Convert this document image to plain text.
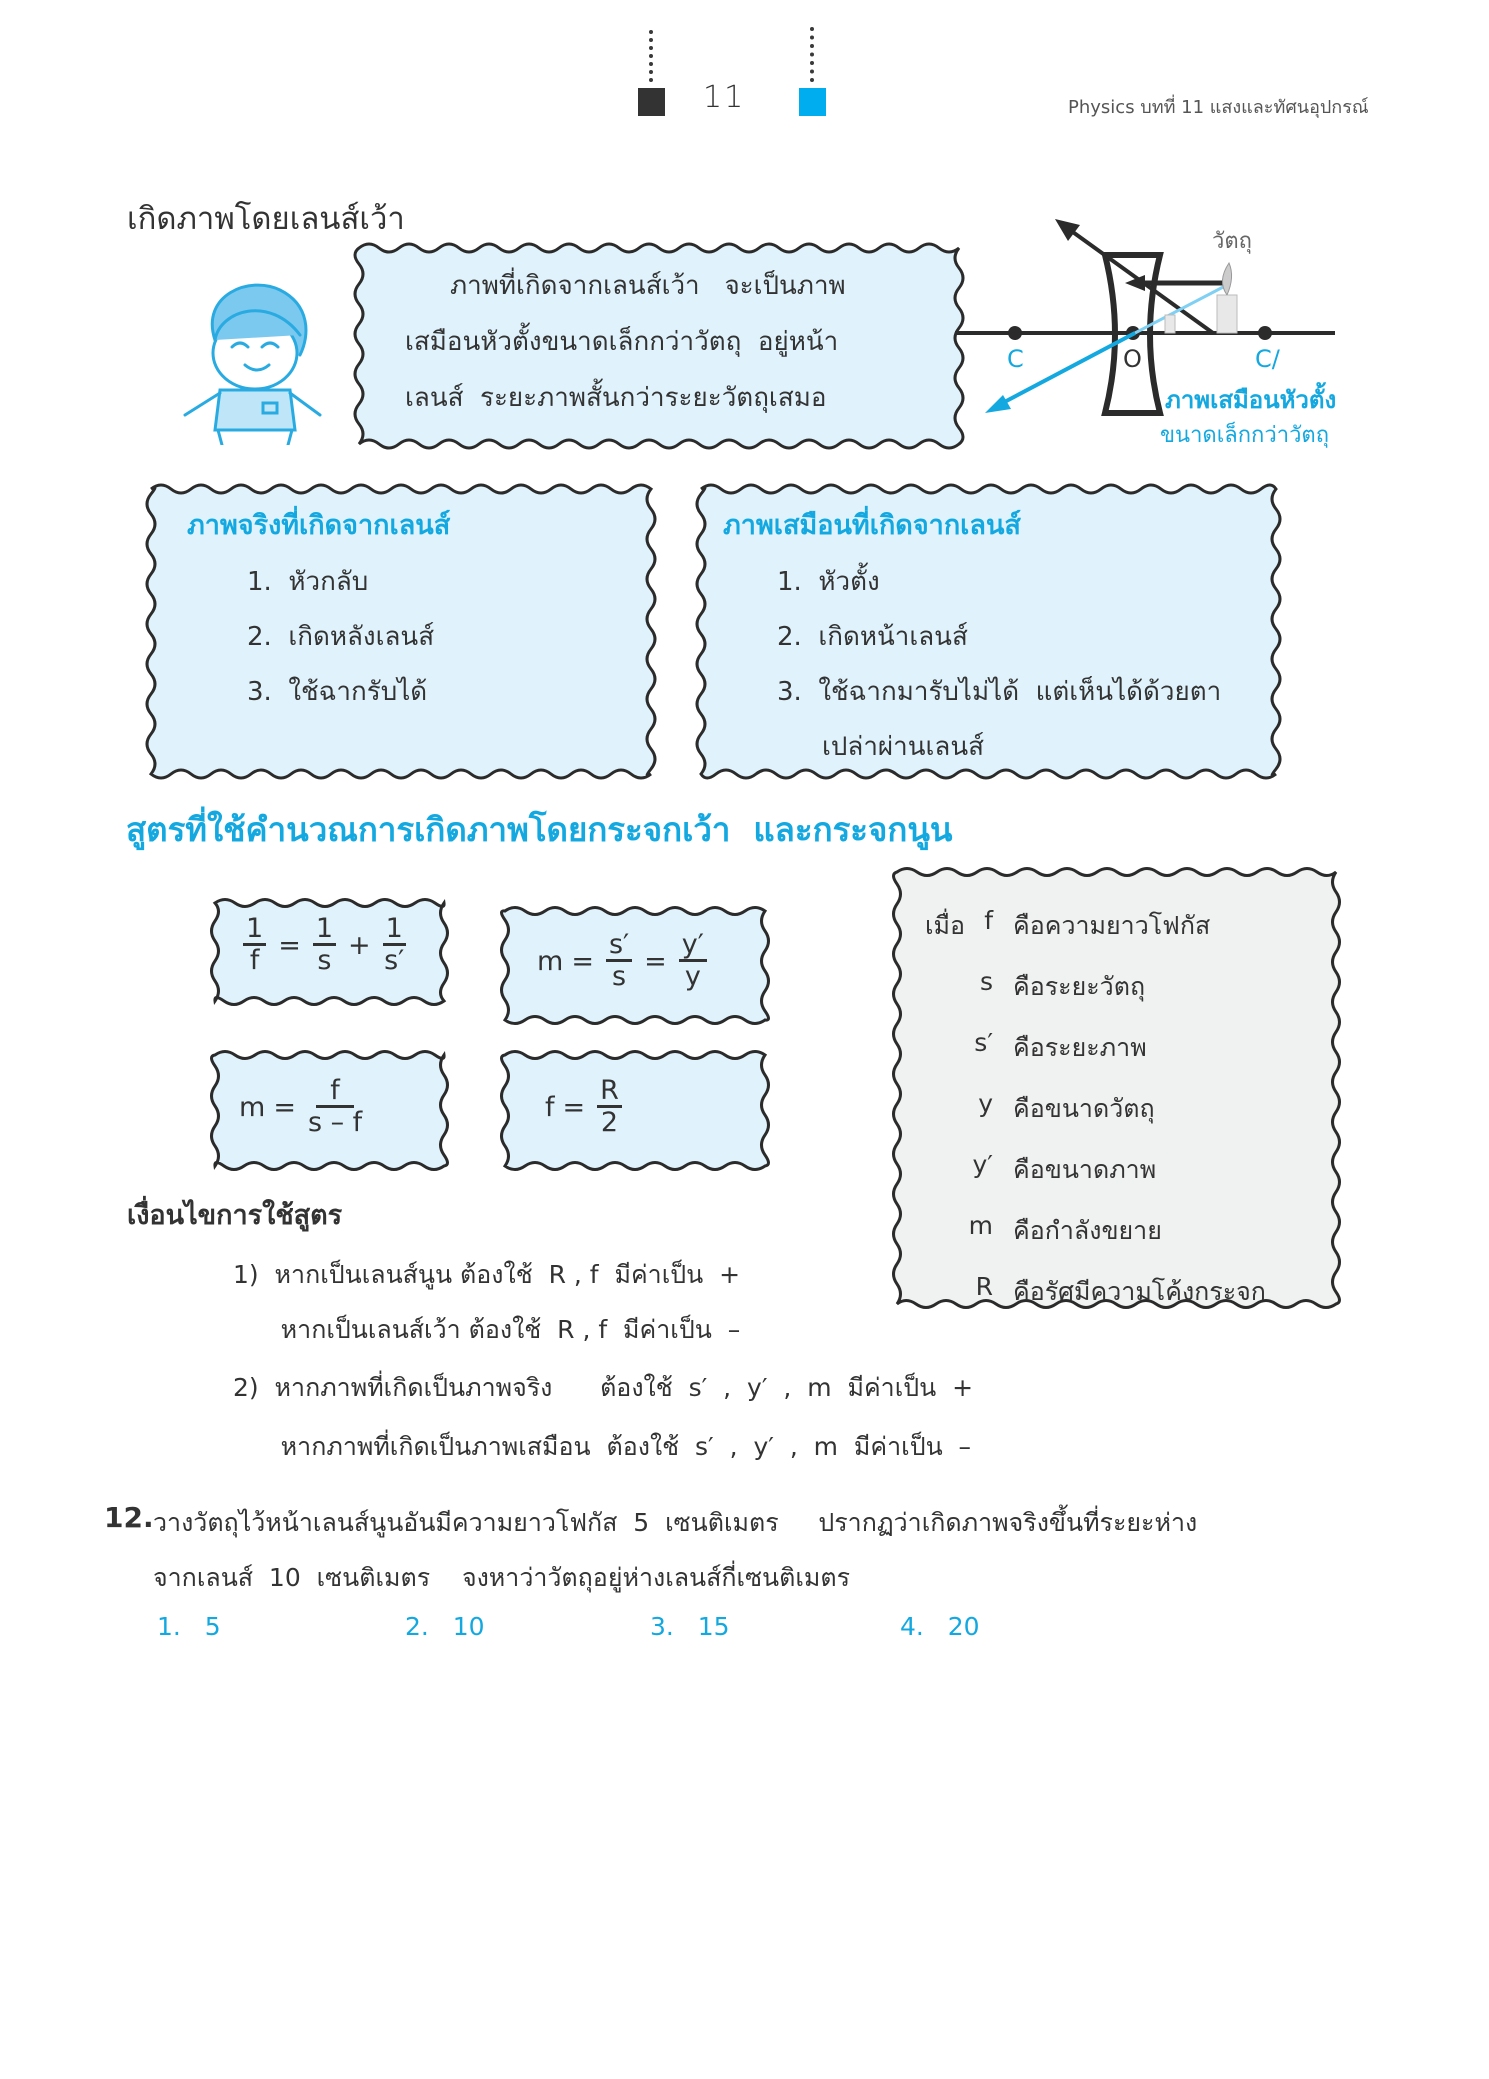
11	Physics บทที่ 11 แสงและทัศนอุปกรณ์
เกิดภาพโดยเลนส์เว้า
ภาพที่เกิดจากเลนส์เว้า   จะเป็นภาพ
เสมือนหัวตั้งขนาดเล็กกว่าวัตถุ  อยู่หน้า
เลนส์  ระยะภาพสั้นกว่าระยะวัตถุเสมอ
วัตถุ
C	O	C/
ภาพเสมือนหัวตั้ง
ขนาดเล็กกว่าวัตถุ
ภาพจริงที่เกิดจากเลนส์
1.  หัวกลับ
2.  เกิดหลังเลนส์
3.  ใช้ฉากรับได้
ภาพเสมือนที่เกิดจากเลนส์
1.  หัวตั้ง
2.  เกิดหน้าเลนส์
3.  ใช้ฉากมารับไม่ได้  แต่เห็นได้ด้วยตา
เปล่าผ่านเลนส์
สูตรที่ใช้คำนวณการเกิดภาพโดยกระจกเว้า  และกระจกนูน
$\frac{1}{f} = \frac{1}{s} + \frac{1}{s'}$	$m = \frac{s'}{s} = \frac{y'}{y}$
$m = \frac{f}{s - f}$	$f = \frac{R}{2}$
เมื่อ f คือความยาวโฟกัส
s คือระยะวัตถุ
s′ คือระยะภาพ
y คือขนาดวัตถุ
y′ คือขนาดภาพ
m คือกำลังขยาย
R คือรัศมีความโค้งกระจก
เงื่อนไขการใช้สูตร
1)  หากเป็นเลนส์นูน ต้องใช้  R , f  มีค่าเป็น  +
หากเป็นเลนส์เว้า ต้องใช้  R , f  มีค่าเป็น  –
2)  หากภาพที่เกิดเป็นภาพจริง      ต้องใช้  s′  ,  y′  ,  m  มีค่าเป็น  +
หากภาพที่เกิดเป็นภาพเสมือน  ต้องใช้  s′  ,  y′  ,  m  มีค่าเป็น  –
12. วางวัตถุไว้หน้าเลนส์นูนอันมีความยาวโฟกัส  5  เซนติเมตร     ปรากฏว่าเกิดภาพจริงขึ้นที่ระยะห่าง
จากเลนส์  10  เซนติเมตร    จงหาว่าวัตถุอยู่ห่างเลนส์กี่เซนติเมตร
1.   5	2.   10	3.   15	4.   20
